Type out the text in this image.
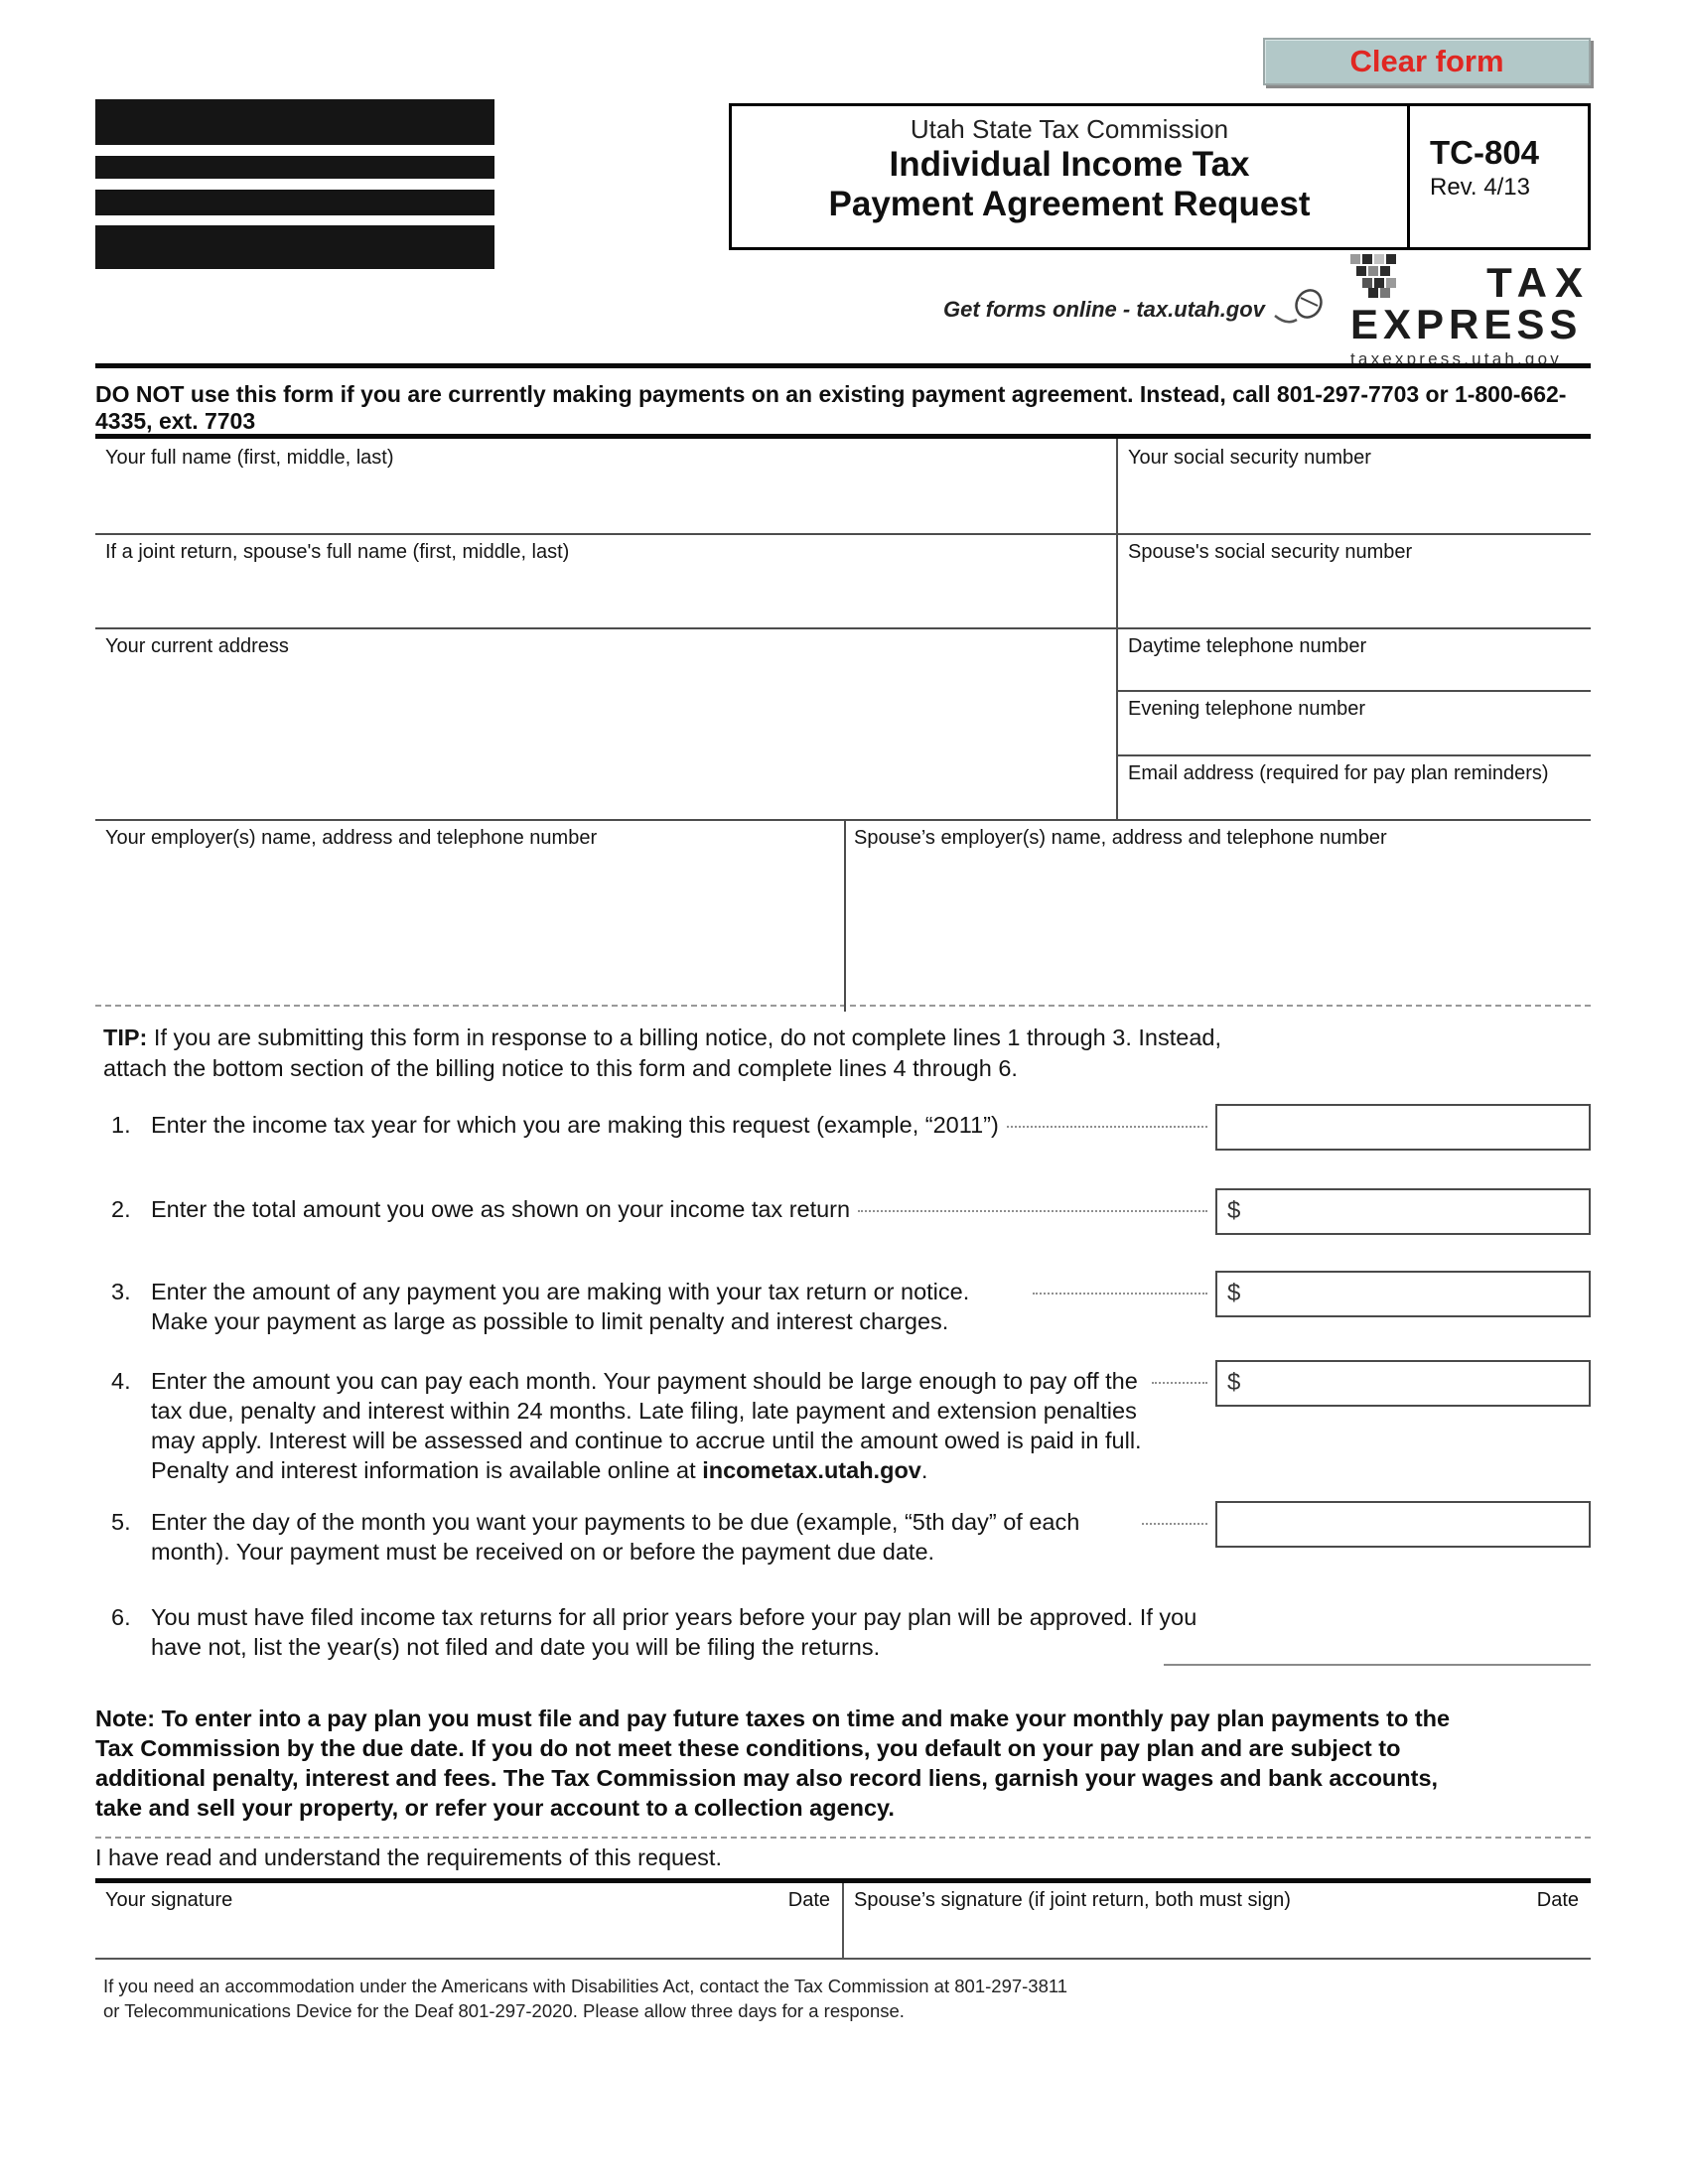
Clear form
Utah State Tax Commission
Individual Income Tax
Payment Agreement Request
TC-804
Rev. 4/13
Get forms online - tax.utah.gov
TAX
EXPRESS
taxexpress.utah.gov
DO NOT use this form if you are currently making payments on an existing payment agreement. Instead, call 801-297-7703 or 1-800-662-4335, ext. 7703
Your full name (first, middle, last)	Your social security number
If a joint return, spouse's full name (first, middle, last)	Spouse's social security number
Your current address	Daytime telephone number
Evening telephone number
Email address (required for pay plan reminders)
Your employer(s) name, address and telephone number	Spouse’s employer(s) name, address and telephone number
TIP: If you are submitting this form in response to a billing notice, do not complete lines 1 through 3. Instead, attach the bottom section of the billing notice to this form and complete lines 4 through 6.
1. Enter the income tax year for which you are making this request (example, “2011”)
2. Enter the total amount you owe as shown on your income tax return	$
3. Enter the amount of any payment you are making with your tax return or notice. Make your payment as large as possible to limit penalty and interest charges.
$
4. Enter the amount you can pay each month. Your payment should be large enough to pay off the tax due, penalty and interest within 24 months. Late filing, late payment and extension penalties may apply. Interest will be assessed and continue to accrue until the amount owed is paid in full. Penalty and interest information is available online at incometax.utah.gov.
$
5. Enter the day of the month you want your payments to be due (example, “5th day” of each month). Your payment must be received on or before the payment due date.
6. You must have filed income tax returns for all prior years before your pay plan will be approved. If you have not, list the year(s) not filed and date you will be filing the returns.
Note: To enter into a pay plan you must file and pay future taxes on time and make your monthly pay plan payments to the Tax Commission by the due date. If you do not meet these conditions, you default on your pay plan and are subject to additional penalty, interest and fees. The Tax Commission may also record liens, garnish your wages and bank accounts, take and sell your property, or refer your account to a collection agency.
I have read and understand the requirements of this request.
Your signature	Date Spouse’s signature (if joint return, both must sign)	Date
If you need an accommodation under the Americans with Disabilities Act, contact the Tax Commission at 801-297-3811
or Telecommunications Device for the Deaf 801-297-2020. Please allow three days for a response.
